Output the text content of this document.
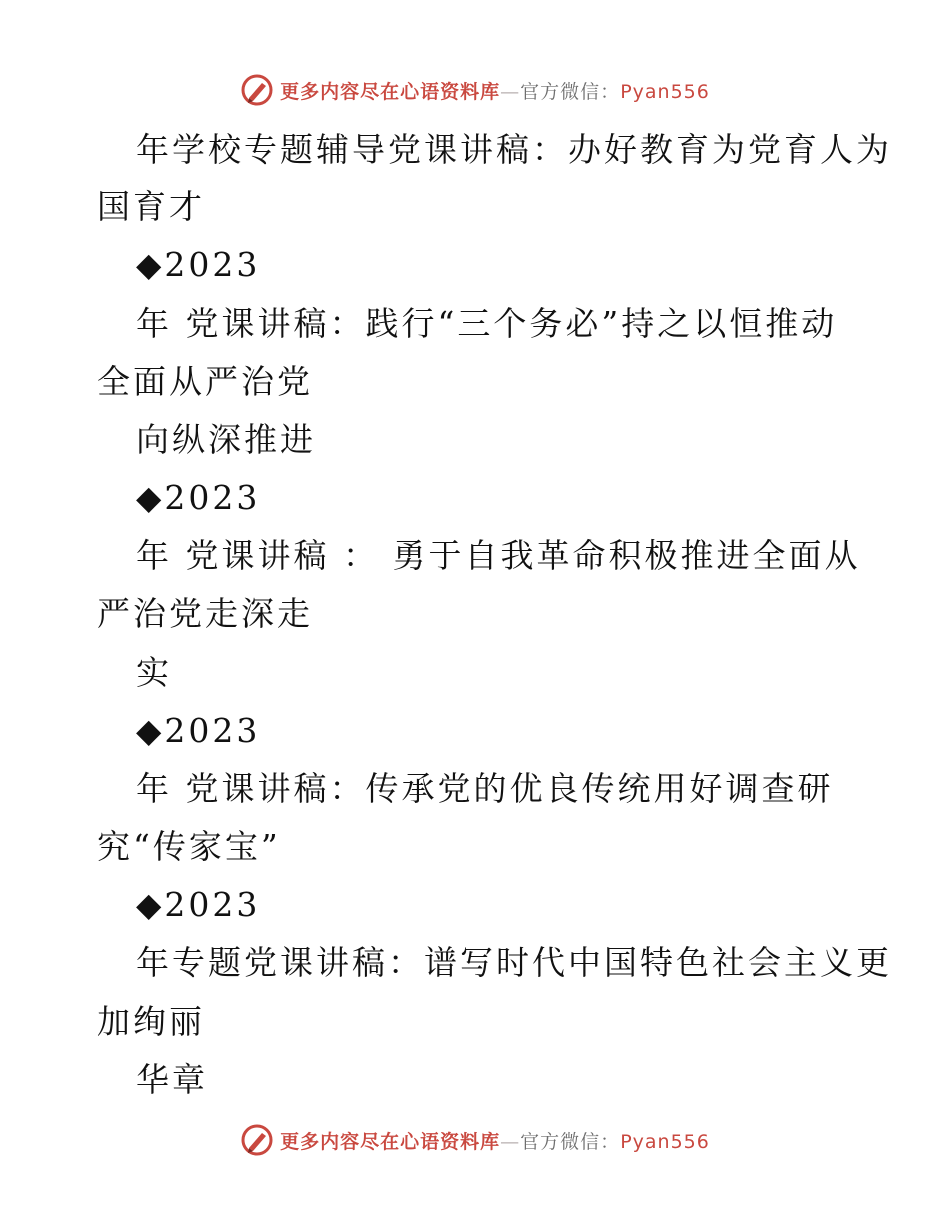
更多内容尽在心语资料库—官方微信：Pyan556
年学校专题辅导党课讲稿：办好教育为党育人为
国育才
◆2023
年 党课讲稿：践行“三个务必”持之以恒推动
全面从严治党
向纵深推进
◆2023
年 党课讲稿 ： 勇于自我革命积极推进全面从
严治党走深走
实
◆2023
年 党课讲稿：传承党的优良传统用好调查研
究“传家宝”
◆2023
年专题党课讲稿：谱写时代中国特色社会主义更
加绚丽
华章
更多内容尽在心语资料库—官方微信：Pyan556
